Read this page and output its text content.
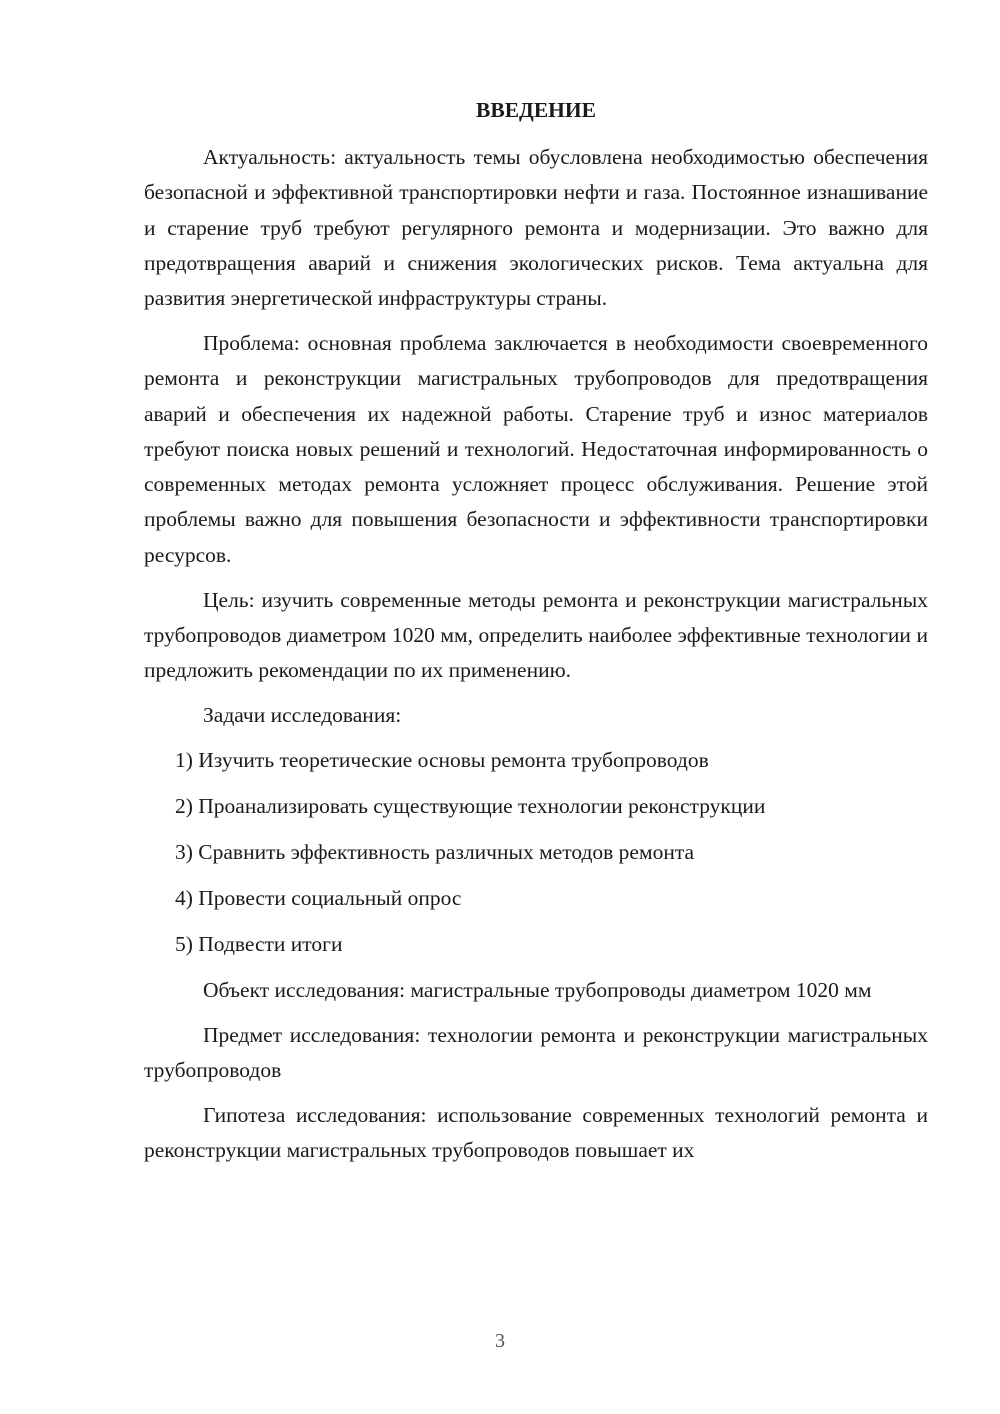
ВВЕДЕНИЕ
Актуальность: актуальность темы обусловлена необходимостью обеспечения безопасной и эффективной транспортировки нефти и газа. Постоянное изнашивание и старение труб требуют регулярного ремонта и модернизации. Это важно для предотвращения аварий и снижения экологических рисков. Тема актуальна для развития энергетической инфраструктуры страны.
Проблема: основная проблема заключается в необходимости своевременного ремонта и реконструкции магистральных трубопроводов для предотвращения аварий и обеспечения их надежной работы. Старение труб и износ материалов требуют поиска новых решений и технологий. Недостаточная информированность о современных методах ремонта усложняет процесс обслуживания. Решение этой проблемы важно для повышения безопасности и эффективности транспортировки ресурсов.
Цель: изучить современные методы ремонта и реконструкции магистральных трубопроводов диаметром 1020 мм, определить наиболее эффективные технологии и предложить рекомендации по их применению.
Задачи исследования:
1) Изучить теоретические основы ремонта трубопроводов
2) Проанализировать существующие технологии реконструкции
3) Сравнить эффективность различных методов ремонта
4) Провести социальный опрос
5) Подвести итоги
Объект исследования: магистральные трубопроводы диаметром 1020 мм
Предмет исследования: технологии ремонта и реконструкции магистральных трубопроводов
Гипотеза исследования: использование современных технологий ремонта и реконструкции магистральных трубопроводов повышает их
3
